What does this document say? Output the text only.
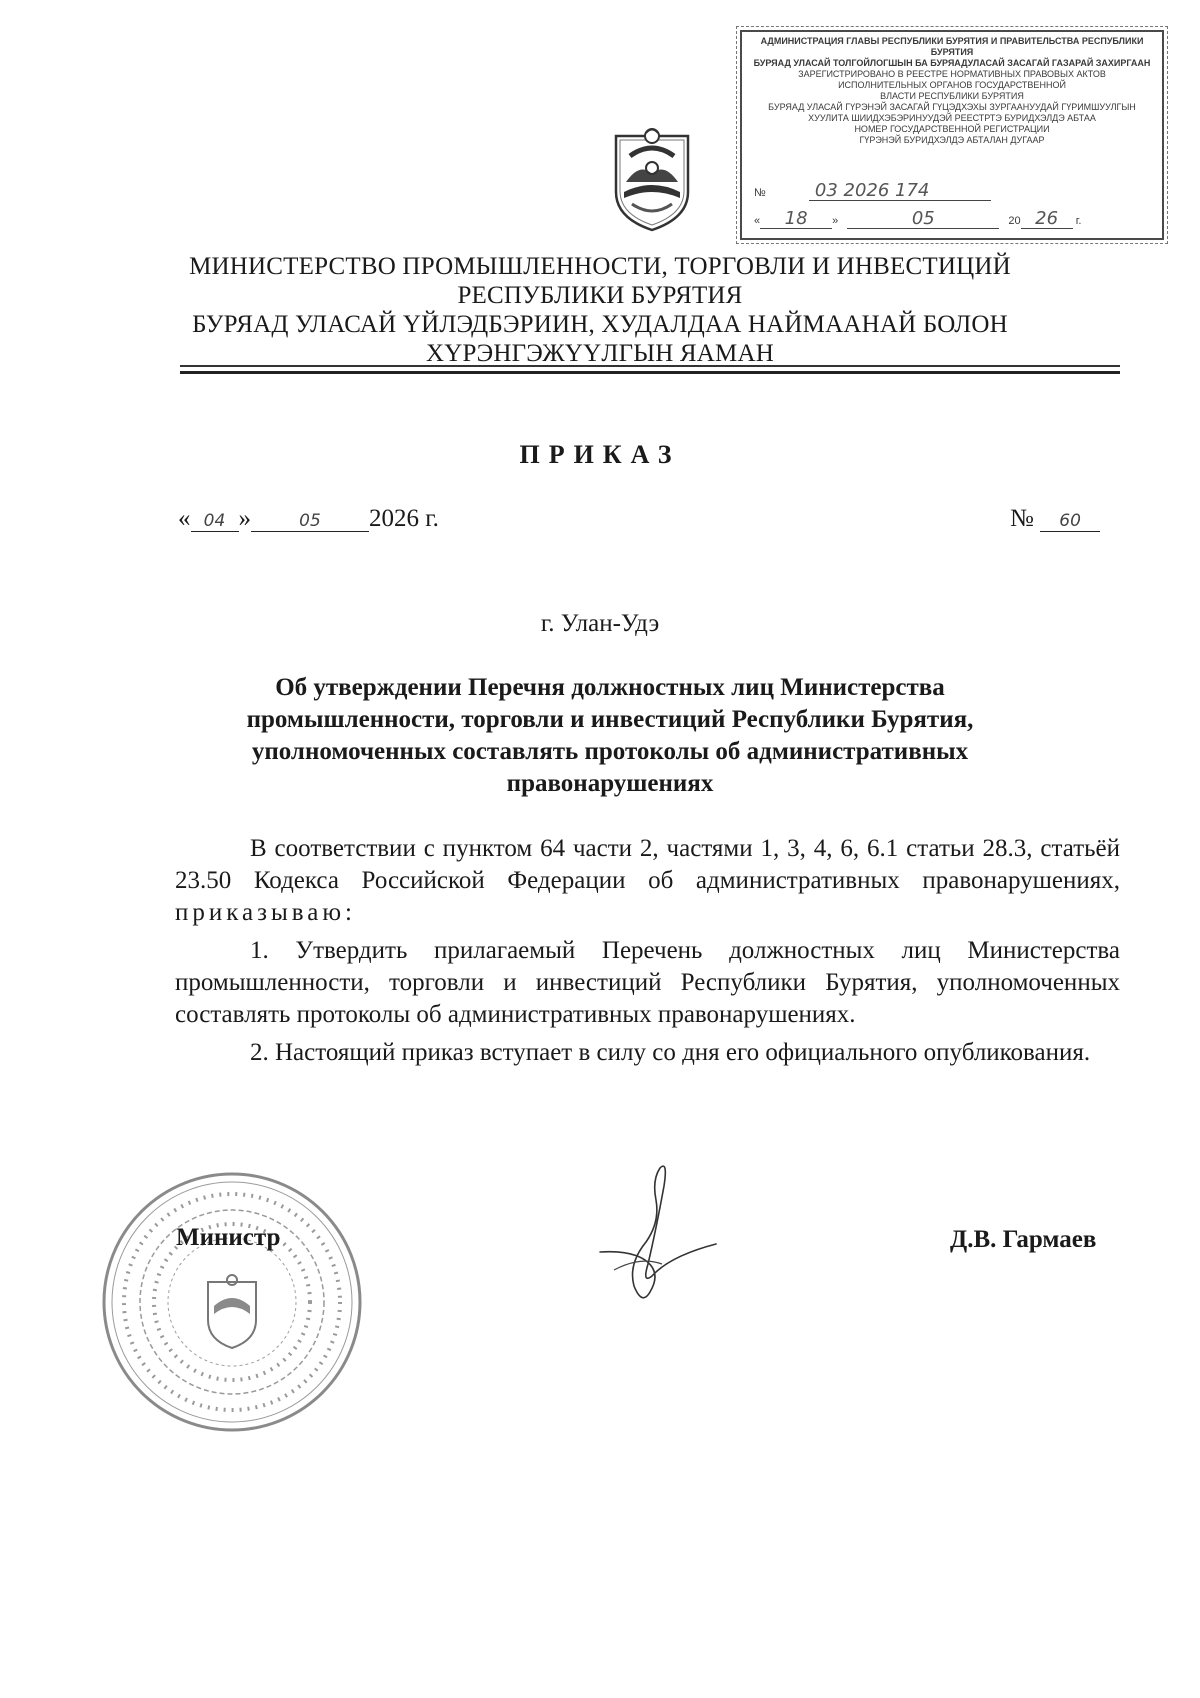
АДМИНИСТРАЦИЯ ГЛАВЫ РЕСПУБЛИКИ БУРЯТИЯ И ПРАВИТЕЛЬСТВА РЕСПУБЛИКИ БУРЯТИЯ
БУРЯАД УЛАСАЙ ТОЛГОЙЛОГШЫН БА БУРЯАДУЛАСАЙ ЗАСАГАЙ ГАЗАРАЙ ЗАХИРГААН
ЗАРЕГИСТРИРОВАНО В РЕЕСТРЕ НОРМАТИВНЫХ ПРАВОВЫХ АКТОВ
ИСПОЛНИТЕЛЬНЫХ ОРГАНОВ ГОСУДАРСТВЕННОЙ
ВЛАСТИ РЕСПУБЛИКИ БУРЯТИЯ
БУРЯАД УЛАСАЙ ГҮРЭНЭЙ ЗАСАГАЙ ГҮЦЭДХЭХЫ ЗУРГААНУУДАЙ ГҮРИМШУУЛГЫН
ХУУЛИТА ШИИДХЭБЭРИНУУДЭЙ РЕЕСТРТЭ БУРИДХЭЛДЭ АБТАА
НОМЕР ГОСУДАРСТВЕННОЙ РЕГИСТРАЦИИ
ГҮРЭНЭЙ БУРИДХЭЛДЭ АБТАЛАН ДУГААР
№	03 2026 174
« 18 »	05	20 26 г.
МИНИСТЕРСТВО ПРОМЫШЛЕННОСТИ, ТОРГОВЛИ И ИНВЕСТИЦИЙ
РЕСПУБЛИКИ БУРЯТИЯ
БУРЯАД УЛАСАЙ ҮЙЛЭДБЭРИИН, ХУДАЛДАА НАЙМААНАЙ БОЛОН
ХҮРЭНГЭЖҮҮЛГЫН ЯАМАН
ПРИКАЗ
« 04 »	05 2026 г.	№ 60
г. Улан-Удэ
Об утверждении Перечня должностных лиц Министерства промышленности, торговли и инвестиций Республики Бурятия, уполномоченных составлять протоколы об административных правонарушениях

В соответствии с пунктом 64 части 2, частями 1, 3, 4, 6, 6.1 статьи 28.3, статьёй 23.50 Кодекса Российской Федерации об административных правонарушениях, приказываю:

1. Утвердить прилагаемый Перечень должностных лиц Министерства промышленности, торговли и инвестиций Республики Бурятия, уполномоченных составлять протоколы об административных правонарушениях.

2. Настоящий приказ вступает в силу со дня его официального опубликования.

Министр	Д.В. Гармаев
